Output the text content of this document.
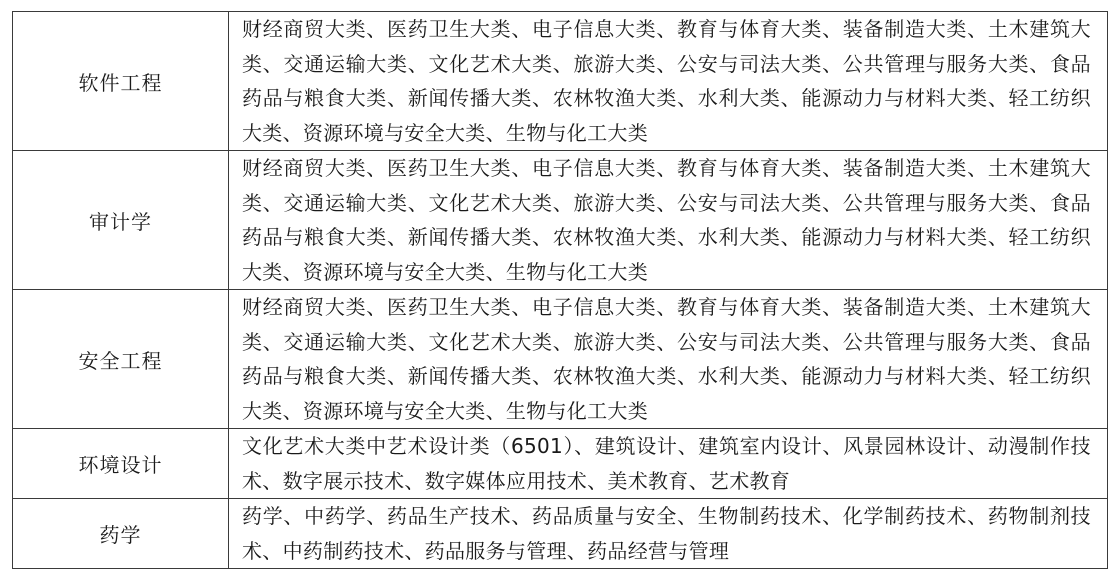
软件工程	财经商贸大类、医药卫生大类、电子信息大类、教育与体育大类、装备制造大类、土木建筑大类、交通运输大类、文化艺术大类、旅游大类、公安与司法大类、公共管理与服务大类、食品药品与粮食大类、新闻传播大类、农林牧渔大类、水利大类、能源动力与材料大类、轻工纺织大类、资源环境与安全大类、生物与化工大类
审计学	财经商贸大类、医药卫生大类、电子信息大类、教育与体育大类、装备制造大类、土木建筑大类、交通运输大类、文化艺术大类、旅游大类、公安与司法大类、公共管理与服务大类、食品药品与粮食大类、新闻传播大类、农林牧渔大类、水利大类、能源动力与材料大类、轻工纺织大类、资源环境与安全大类、生物与化工大类
安全工程	财经商贸大类、医药卫生大类、电子信息大类、教育与体育大类、装备制造大类、土木建筑大类、交通运输大类、文化艺术大类、旅游大类、公安与司法大类、公共管理与服务大类、食品药品与粮食大类、新闻传播大类、农林牧渔大类、水利大类、能源动力与材料大类、轻工纺织大类、资源环境与安全大类、生物与化工大类
环境设计	文化艺术大类中艺术设计类（6501）、建筑设计、建筑室内设计、风景园林设计、动漫制作技术、数字展示技术、数字媒体应用技术、美术教育、艺术教育
药学	药学、中药学、药品生产技术、药品质量与安全、生物制药技术、化学制药技术、药物制剂技术、中药制药技术、药品服务与管理、药品经营与管理
